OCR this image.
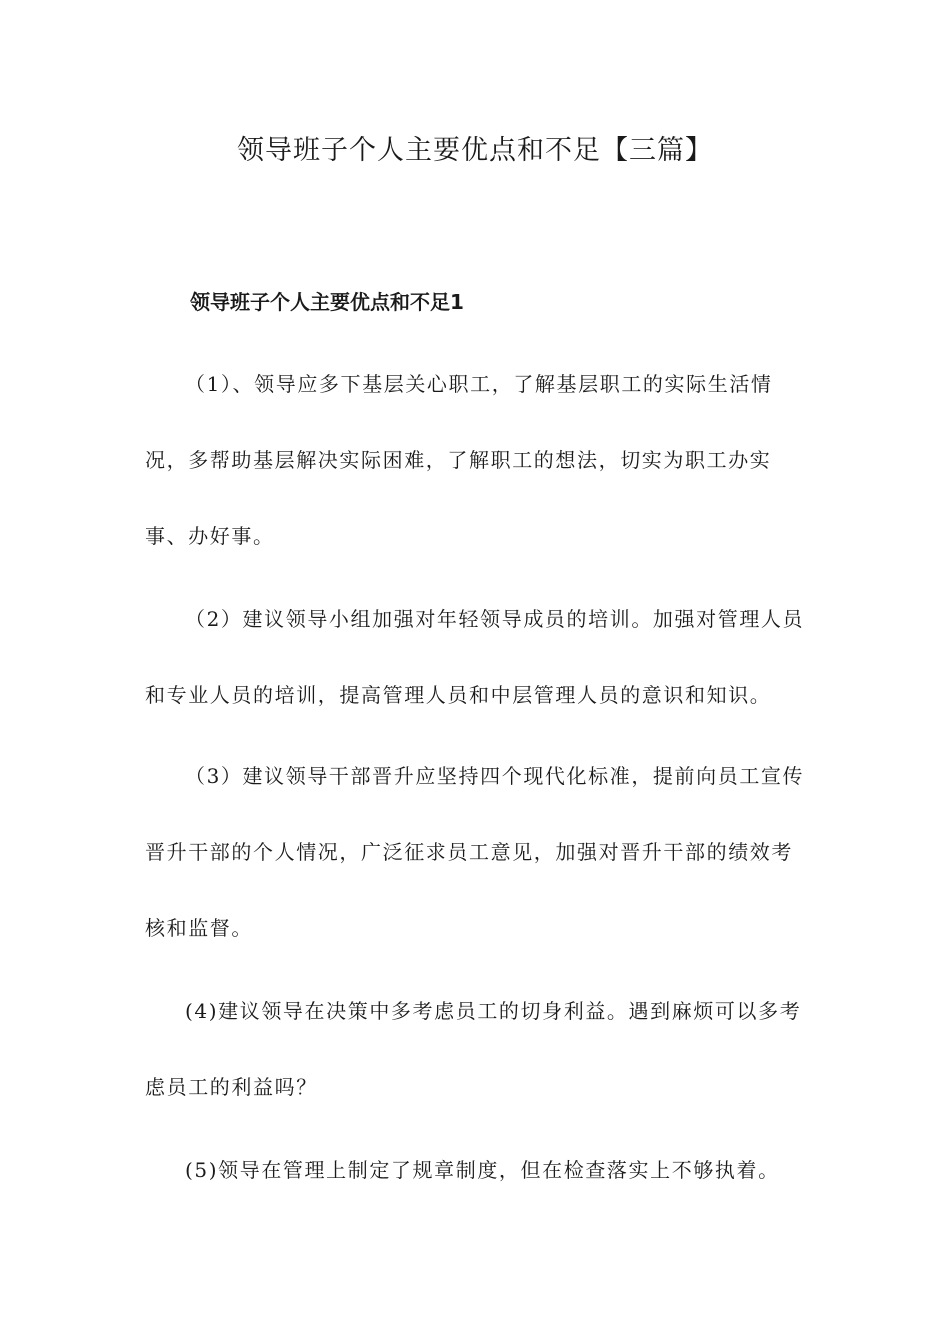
领导班子个人主要优点和不足【三篇】
领导班子个人主要优点和不足1

（1）、领导应多下基层关心职工，了解基层职工的实际生活情况，多帮助基层解决实际困难，了解职工的想法，切实为职工办实事、办好事。

（2）建议领导小组加强对年轻领导成员的培训。加强对管理人员和专业人员的培训，提高管理人员和中层管理人员的意识和知识。

（3）建议领导干部晋升应坚持四个现代化标准，提前向员工宣传晋升干部的个人情况，广泛征求员工意见，加强对晋升干部的绩效考核和监督。

(4)建议领导在决策中多考虑员工的切身利益。遇到麻烦可以多考虑员工的利益吗？

(5)领导在管理上制定了规章制度，但在检查落实上不够执着。
